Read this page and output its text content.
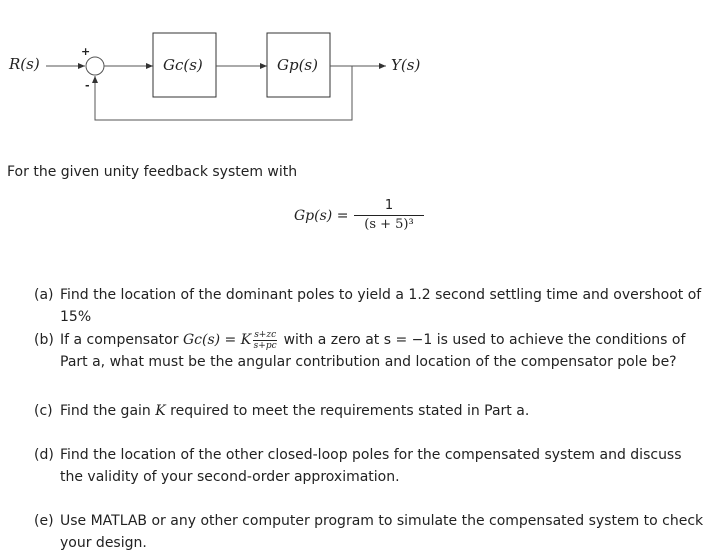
R(s)
+
-
Gc(s)	Gp(s)	Y(s)
For the given unity feedback system with
Gp(s) =
1
(s + 5)³
(a) Find the location of the dominant poles to yield a 1.2 second settling time and overshoot of 15%
(b) If a compensator Gc(s) = K $\frac{s+zc}{s+pc}$ with a zero at s = −1 is used to achieve the conditions of Part a, what must be the angular contribution and location of the compensator pole be?
(c) Find the gain K required to meet the requirements stated in Part a.
(d) Find the location of the other closed-loop poles for the compensated system and discuss the validity of your second-order approximation.
(e) Use MATLAB or any other computer program to simulate the compensated system to check your design.
